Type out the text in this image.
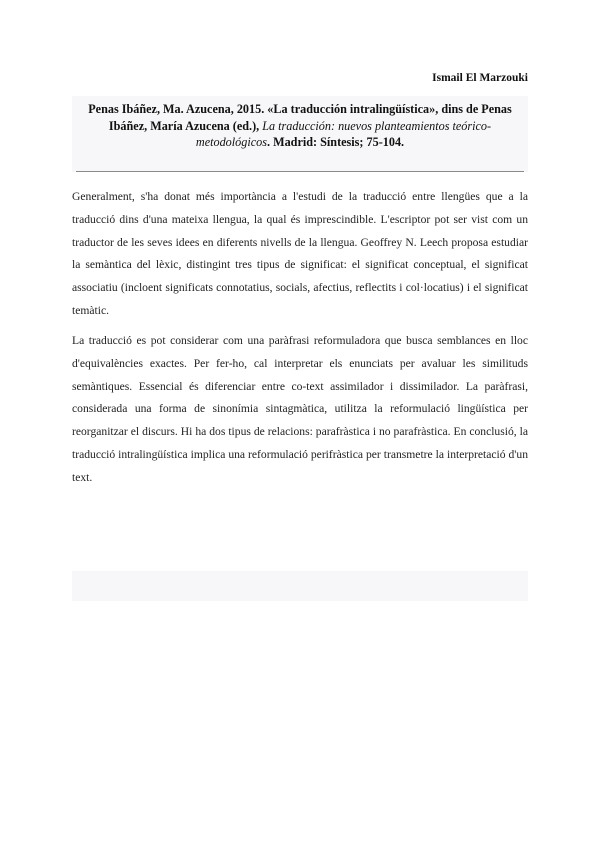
Ismail El Marzouki
Penas Ibáñez, Ma. Azucena, 2015. «La traducción intralingüística», dins de Penas Ibáñez, María Azucena (ed.), La traducción: nuevos planteamientos teórico-metodológicos. Madrid: Síntesis; 75-104.

Generalment, s'ha donat més importància a l'estudi de la traducció entre llengües que a la traducció dins d'una mateixa llengua, la qual és imprescindible. L'escriptor pot ser vist com un traductor de les seves idees en diferents nivells de la llengua. Geoffrey N. Leech proposa estudiar la semàntica del lèxic, distingint tres tipus de significat: el significat conceptual, el significat associatiu (incloent significats connotatius, socials, afectius, reflectits i col·locatius) i el significat temàtic.

La traducció es pot considerar com una paràfrasi reformuladora que busca semblances en lloc d'equivalències exactes. Per fer-ho, cal interpretar els enunciats per avaluar les similituds semàntiques. Essencial és diferenciar entre co-text assimilador i dissimilador. La paràfrasi, considerada una forma de sinonímia sintagmàtica, utilitza la reformulació lingüística per reorganitzar el discurs. Hi ha dos tipus de relacions: parafràstica i no parafràstica. En conclusió, la traducció intralingüística implica una reformulació perifràstica per transmetre la interpretació d'un text.
